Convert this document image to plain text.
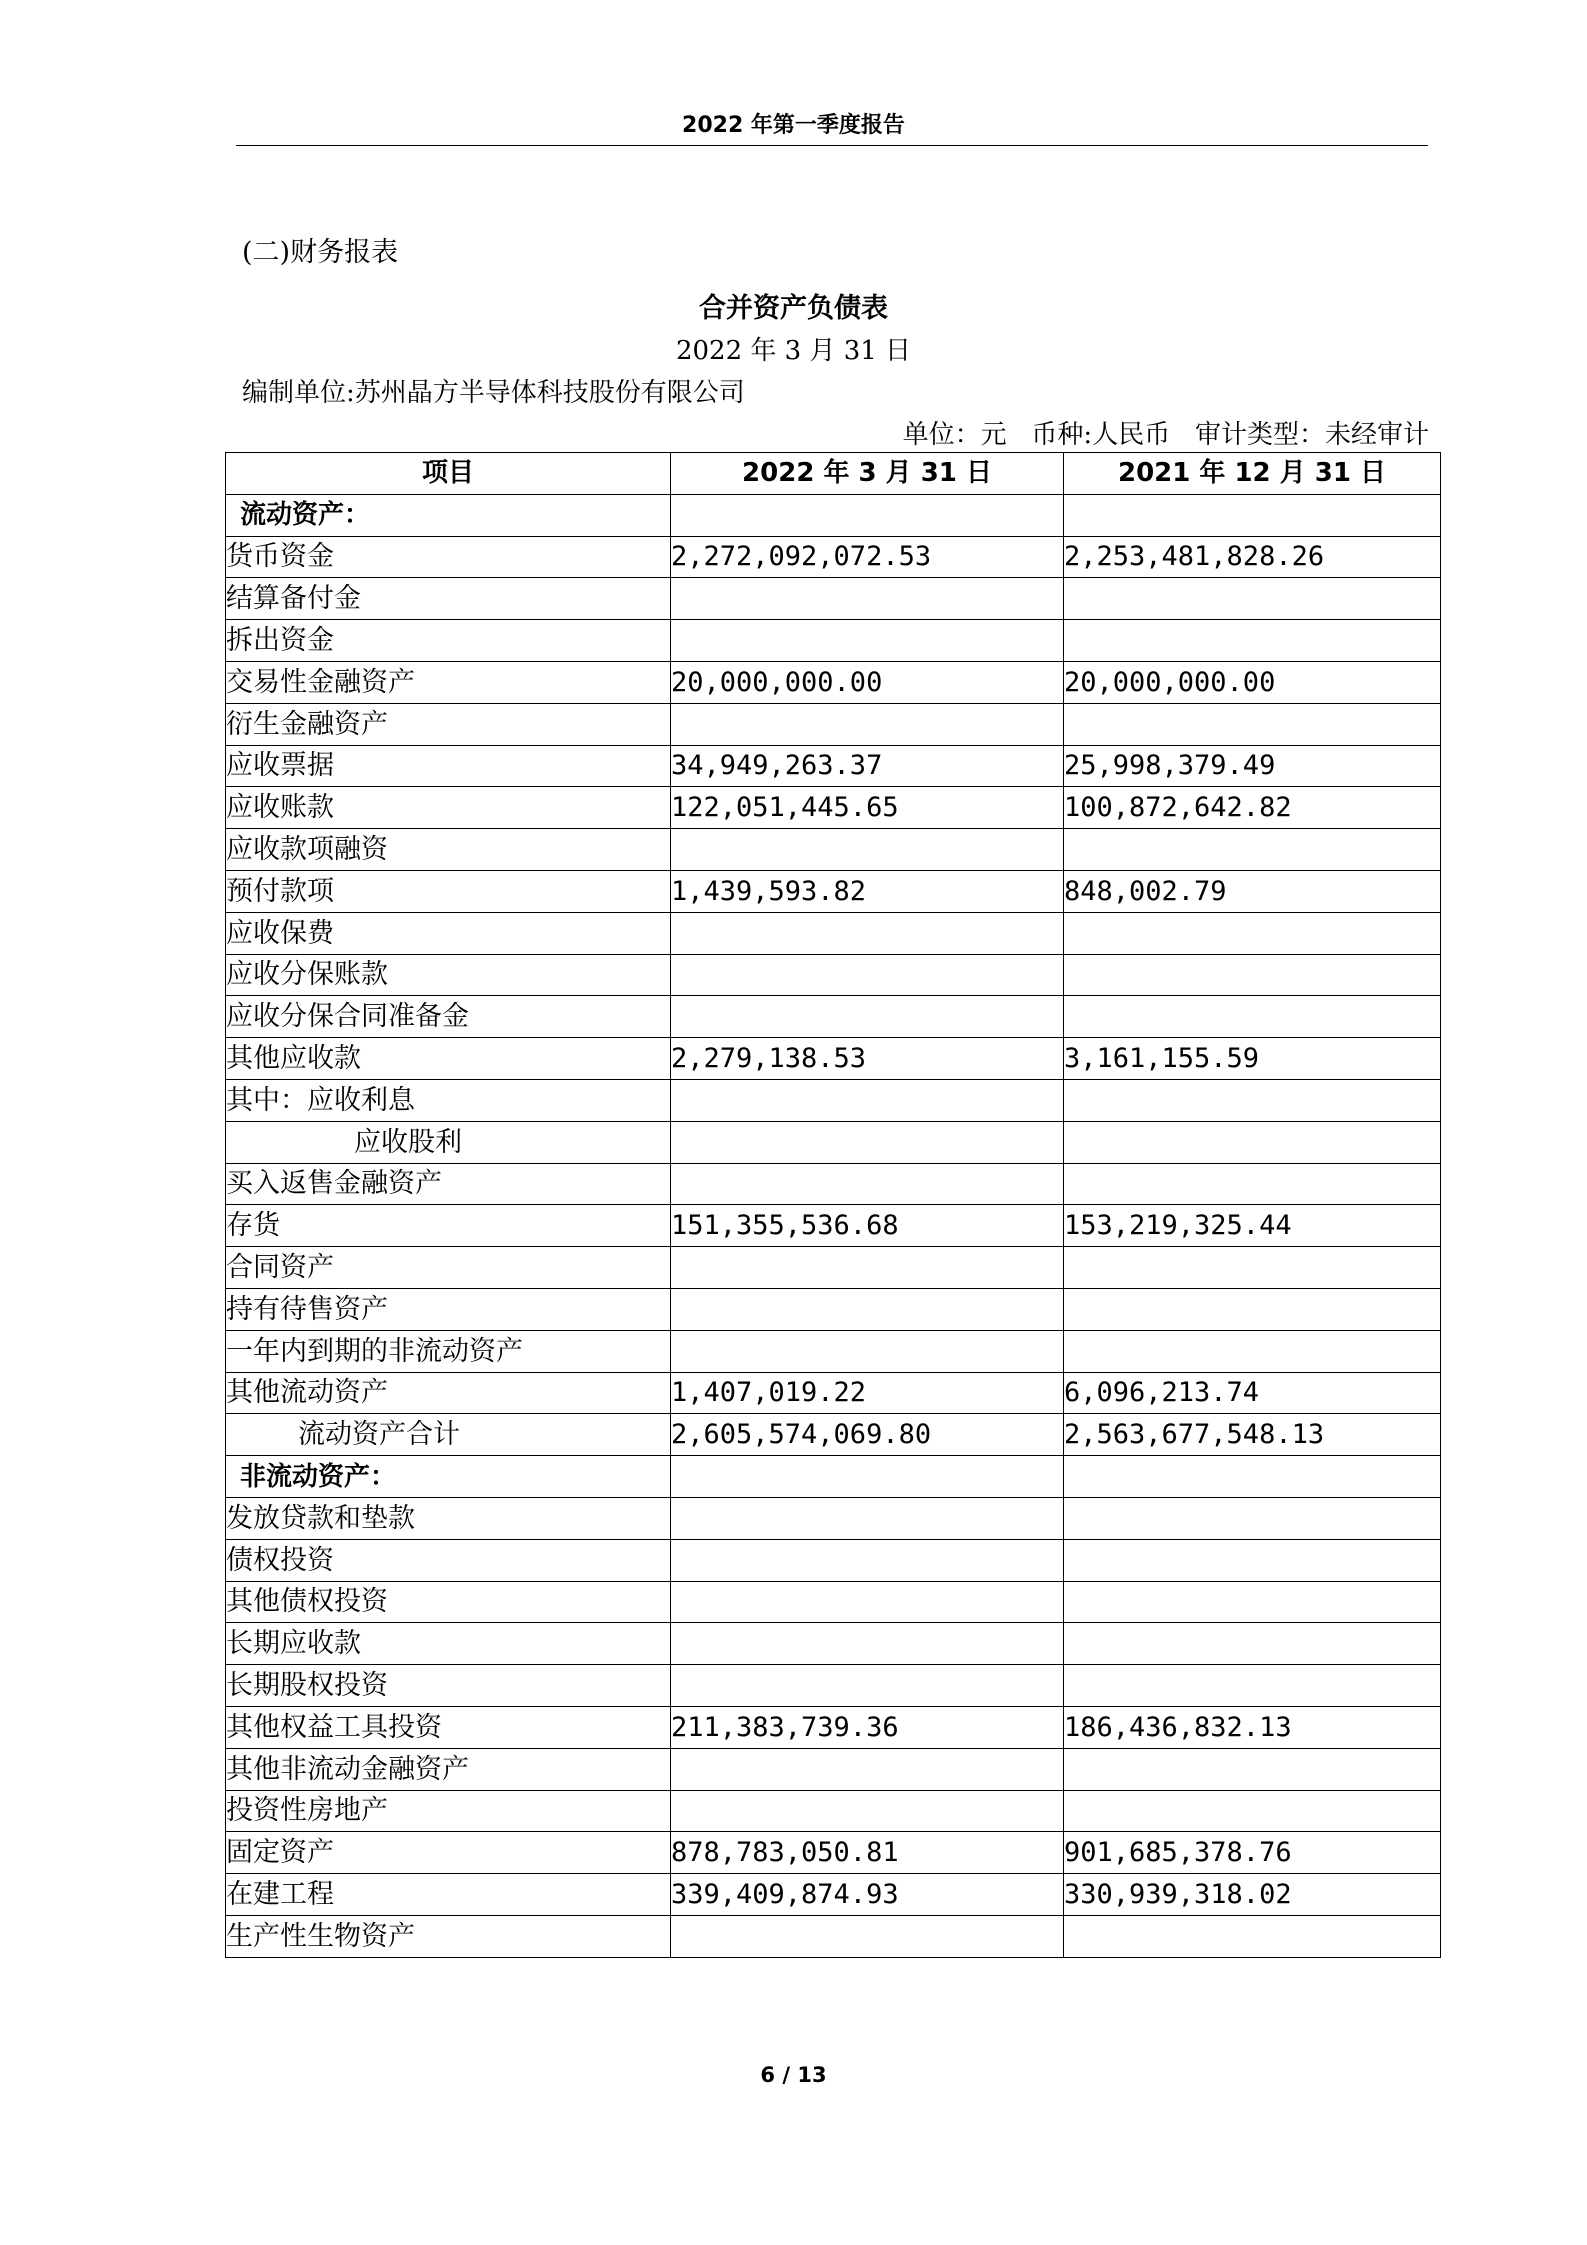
2022 年第一季度报告
(二)财务报表
合并资产负债表
2022 年 3 月 31 日
编制单位:苏州晶方半导体科技股份有限公司
单位：元   币种:人民币   审计类型：未经审计
项目	2022 年 3 月 31 日	2021 年 12 月 31 日
流动资产：		
货币资金	2,272,092,072.53	2,253,481,828.26
结算备付金		
拆出资金		
交易性金融资产	20,000,000.00	20,000,000.00
衍生金融资产		
应收票据	34,949,263.37	25,998,379.49
应收账款	122,051,445.65	100,872,642.82
应收款项融资		
预付款项	1,439,593.82	848,002.79
应收保费		
应收分保账款		
应收分保合同准备金		
其他应收款	2,279,138.53	3,161,155.59
其中：应收利息		
应收股利		
买入返售金融资产		
存货	151,355,536.68	153,219,325.44
合同资产		
持有待售资产		
一年内到期的非流动资产		
其他流动资产	1,407,019.22	6,096,213.74
流动资产合计	2,605,574,069.80	2,563,677,548.13
非流动资产：		
发放贷款和垫款		
债权投资		
其他债权投资		
长期应收款		
长期股权投资		
其他权益工具投资	211,383,739.36	186,436,832.13
其他非流动金融资产		
投资性房地产		
固定资产	878,783,050.81	901,685,378.76
在建工程	339,409,874.93	330,939,318.02
生产性生物资产		
6 / 13
